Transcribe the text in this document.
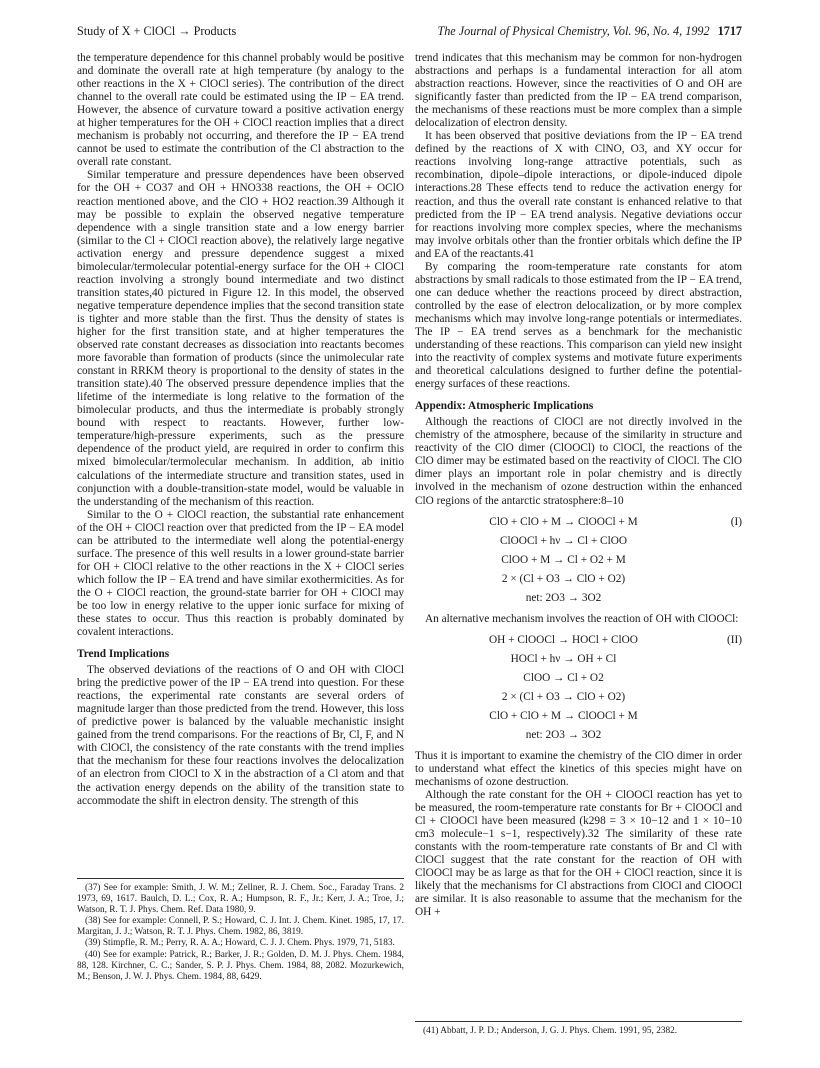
Study of X + ClOCl → Products	The Journal of Physical Chemistry, Vol. 96, No. 4, 1992 1717

the temperature dependence for this channel probably would be positive and dominate the overall rate at high temperature (by analogy to the other reactions in the X + ClOCl series). The contribution of the direct channel to the overall rate could be estimated using the IP − EA trend. However, the absence of curvature toward a positive activation energy at higher temperatures for the OH + ClOCl reaction implies that a direct mechanism is probably not occurring, and therefore the IP − EA trend cannot be used to estimate the contribution of the Cl abstraction to the overall rate constant.

Similar temperature and pressure dependences have been observed for the OH + CO37 and OH + HNO338 reactions, the OH + OClO reaction mentioned above, and the ClO + HO2 reaction.39 Although it may be possible to explain the observed negative temperature dependence with a single transition state and a low energy barrier (similar to the Cl + ClOCl reaction above), the relatively large negative activation energy and pressure dependence suggest a mixed bimolecular/termolecular potential-energy surface for the OH + ClOCl reaction involving a strongly bound intermediate and two distinct transition states,40 pictured in Figure 12. In this model, the observed negative temperature dependence implies that the second transition state is tighter and more stable than the first. Thus the density of states is higher for the first transition state, and at higher temperatures the observed rate constant decreases as dissociation into reactants becomes more favorable than formation of products (since the unimolecular rate constant in RRKM theory is proportional to the density of states in the transition state).40 The observed pressure dependence implies that the lifetime of the intermediate is long relative to the formation of the bimolecular products, and thus the intermediate is probably strongly bound with respect to reactants. However, further low-temperature/high-pressure experiments, such as the pressure dependence of the product yield, are required in order to confirm this mixed bimolecular/termolecular mechanism. In addition, ab initio calculations of the intermediate structure and transition states, used in conjunction with a double-transition-state model, would be valuable in the understanding of the mechanism of this reaction.

Similar to the O + ClOCl reaction, the substantial rate enhancement of the OH + ClOCl reaction over that predicted from the IP − EA model can be attributed to the intermediate well along the potential-energy surface. The presence of this well results in a lower ground-state barrier for OH + ClOCl relative to the other reactions in the X + ClOCl series which follow the IP − EA trend and have similar exothermicities. As for the O + ClOCl reaction, the ground-state barrier for OH + ClOCl may be too low in energy relative to the upper ionic surface for mixing of these states to occur. Thus this reaction is probably dominated by covalent interactions.

Trend Implications

The observed deviations of the reactions of O and OH with ClOCl bring the predictive power of the IP − EA trend into question. For these reactions, the experimental rate constants are several orders of magnitude larger than those predicted from the trend. However, this loss of predictive power is balanced by the valuable mechanistic insight gained from the trend comparisons. For the reactions of Br, Cl, F, and N with ClOCl, the consistency of the rate constants with the trend implies that the mechanism for these four reactions involves the delocalization of an electron from ClOCl to X in the abstraction of a Cl atom and that the activation energy depends on the ability of the transition state to accommodate the shift in electron density. The strength of this

(37) See for example: Smith, J. W. M.; Zellner, R. J. Chem. Soc., Faraday Trans. 2 1973, 69, 1617. Baulch, D. L.; Cox, R. A.; Humpson, R. F., Jr.; Kerr, J. A.; Troe, J.; Watson, R. T. J. Phys. Chem. Ref. Data 1980, 9.

(38) See for example: Connell, P. S.; Howard, C. J. Int. J. Chem. Kinet. 1985, 17, 17. Margitan, J. J.; Watson, R. T. J. Phys. Chem. 1982, 86, 3819.

(39) Stimpfle, R. M.; Perry, R. A. A.; Howard, C. J. J. Chem. Phys. 1979, 71, 5183.

(40) See for example: Patrick, R.; Barker, J. R.; Golden, D. M. J. Phys. Chem. 1984, 88, 128. Kirchner, C. C.; Sander, S. P. J. Phys. Chem. 1984, 88, 2082. Mozurkewich, M.; Benson, J. W. J. Phys. Chem. 1984, 88, 6429.

trend indicates that this mechanism may be common for non-hydrogen abstractions and perhaps is a fundamental interaction for all atom abstraction reactions. However, since the reactivities of O and OH are significantly faster than predicted from the IP − EA trend comparison, the mechanisms of these reactions must be more complex than a simple delocalization of electron density.

It has been observed that positive deviations from the IP − EA trend defined by the reactions of X with ClNO, O3, and XY occur for reactions involving long-range attractive potentials, such as recombination, dipole–dipole interactions, or dipole-induced dipole interactions.28 These effects tend to reduce the activation energy for reaction, and thus the overall rate constant is enhanced relative to that predicted from the IP − EA trend analysis. Negative deviations occur for reactions involving more complex species, where the mechanisms may involve orbitals other than the frontier orbitals which define the IP and EA of the reactants.41

By comparing the room-temperature rate constants for atom abstractions by small radicals to those estimated from the IP − EA trend, one can deduce whether the reactions proceed by direct abstraction, controlled by the ease of electron delocalization, or by more complex mechanisms which may involve long-range potentials or intermediates. The IP − EA trend serves as a benchmark for the mechanistic understanding of these reactions. This comparison can yield new insight into the reactivity of complex systems and motivate future experiments and theoretical calculations designed to further define the potential-energy surfaces of these reactions.

Appendix: Atmospheric Implications

Although the reactions of ClOCl are not directly involved in the chemistry of the atmosphere, because of the similarity in structure and reactivity of the ClO dimer (ClOOCl) to ClOCl, the reactions of the ClO dimer may be estimated based on the reactivity of ClOCl. The ClO dimer plays an important role in polar chemistry and is directly involved in the mechanism of ozone destruction within the enhanced ClO regions of the antarctic stratosphere:8–10

ClO + ClO + M → ClOOCl + M	(I)
ClOOCl + hν → Cl + ClOO
ClOO + M → Cl + O2 + M
2 × (Cl + O3 → ClO + O2)
net: 2O3 → 3O2

An alternative mechanism involves the reaction of OH with ClOOCl:

OH + ClOOCl → HOCl + ClOO	(II)
HOCl + hν → OH + Cl
ClOO → Cl + O2
2 × (Cl + O3 → ClO + O2)
ClO + ClO + M → ClOOCl + M
net: 2O3 → 3O2

Thus it is important to examine the chemistry of the ClO dimer in order to understand what effect the kinetics of this species might have on mechanisms of ozone destruction.

Although the rate constant for the OH + ClOOCl reaction has yet to be measured, the room-temperature rate constants for Br + ClOOCl and Cl + ClOOCl have been measured (k298 = 3 × 10−12 and 1 × 10−10 cm3 molecule−1 s−1, respectively).32 The similarity of these rate constants with the room-temperature rate constants of Br and Cl with ClOCl suggest that the rate constant for the reaction of OH with ClOOCl may be as large as that for the OH + ClOCl reaction, since it is likely that the mechanisms for Cl abstractions from ClOCl and ClOOCl are similar. It is also reasonable to assume that the mechanism for the OH +

(41) Abbatt, J. P. D.; Anderson, J. G. J. Phys. Chem. 1991, 95, 2382.
